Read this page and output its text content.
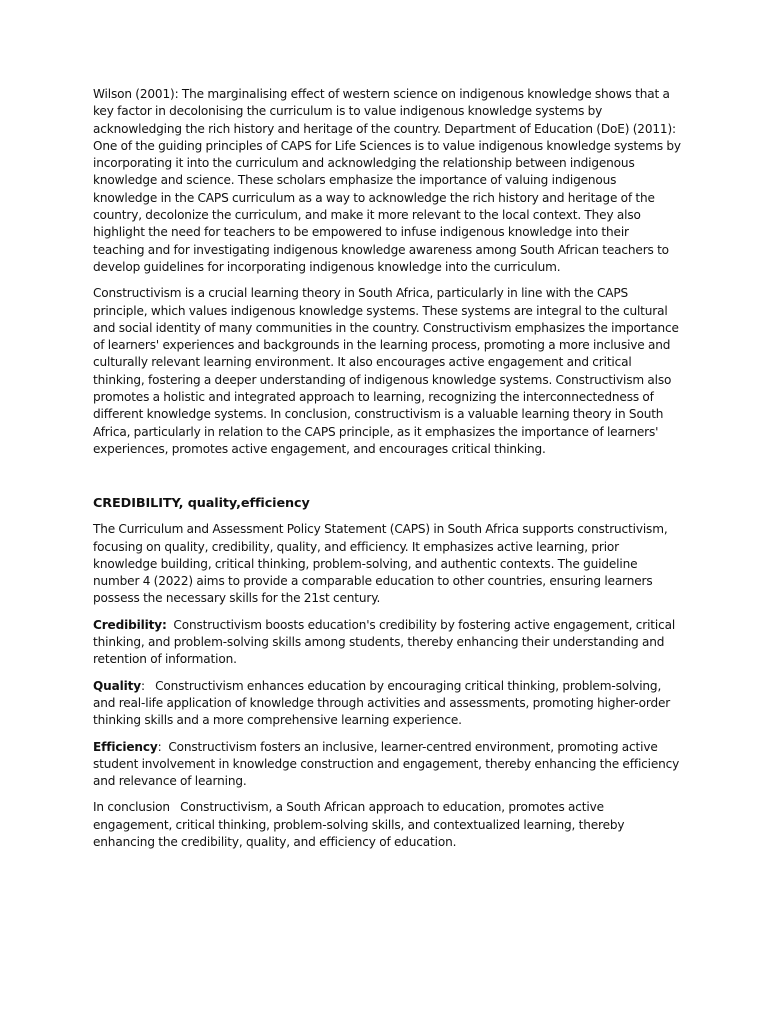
Wilson (2001): The marginalising effect of western science on indigenous knowledge shows that a key factor in decolonising the curriculum is to value indigenous knowledge systems by acknowledging the rich history and heritage of the country. Department of Education (DoE) (2011): One of the guiding principles of CAPS for Life Sciences is to value indigenous knowledge systems by incorporating it into the curriculum and acknowledging the relationship between indigenous knowledge and science. These scholars emphasize the importance of valuing indigenous knowledge in the CAPS curriculum as a way to acknowledge the rich history and heritage of the country, decolonize the curriculum, and make it more relevant to the local context. They also highlight the need for teachers to be empowered to infuse indigenous knowledge into their teaching and for investigating indigenous knowledge awareness among South African teachers to develop guidelines for incorporating indigenous knowledge into the curriculum.

Constructivism is a crucial learning theory in South Africa, particularly in line with the CAPS principle, which values indigenous knowledge systems. These systems are integral to the cultural and social identity of many communities in the country. Constructivism emphasizes the importance of learners' experiences and backgrounds in the learning process, promoting a more inclusive and culturally relevant learning environment. It also encourages active engagement and critical thinking, fostering a deeper understanding of indigenous knowledge systems. Constructivism also promotes a holistic and integrated approach to learning, recognizing the interconnectedness of different knowledge systems. In conclusion, constructivism is a valuable learning theory in South Africa, particularly in relation to the CAPS principle, as it emphasizes the importance of learners' experiences, promotes active engagement, and encourages critical thinking.

CREDIBILITY, quality,efficiency

The Curriculum and Assessment Policy Statement (CAPS) in South Africa supports constructivism, focusing on quality, credibility, quality, and efficiency. It emphasizes active learning, prior knowledge building, critical thinking, problem-solving, and authentic contexts. The guideline number 4 (2022) aims to provide a comparable education to other countries, ensuring learners possess the necessary skills for the 21st century.

Credibility:  Constructivism boosts education's credibility by fostering active engagement, critical thinking, and problem-solving skills among students, thereby enhancing their understanding and retention of information.

Quality:   Constructivism enhances education by encouraging critical thinking, problem-solving, and real-life application of knowledge through activities and assessments, promoting higher-order thinking skills and a more comprehensive learning experience.

Efficiency:  Constructivism fosters an inclusive, learner-centred environment, promoting active student involvement in knowledge construction and engagement, thereby enhancing the efficiency and relevance of learning.

In conclusion   Constructivism, a South African approach to education, promotes active engagement, critical thinking, problem-solving skills, and contextualized learning, thereby enhancing the credibility, quality, and efficiency of education.
